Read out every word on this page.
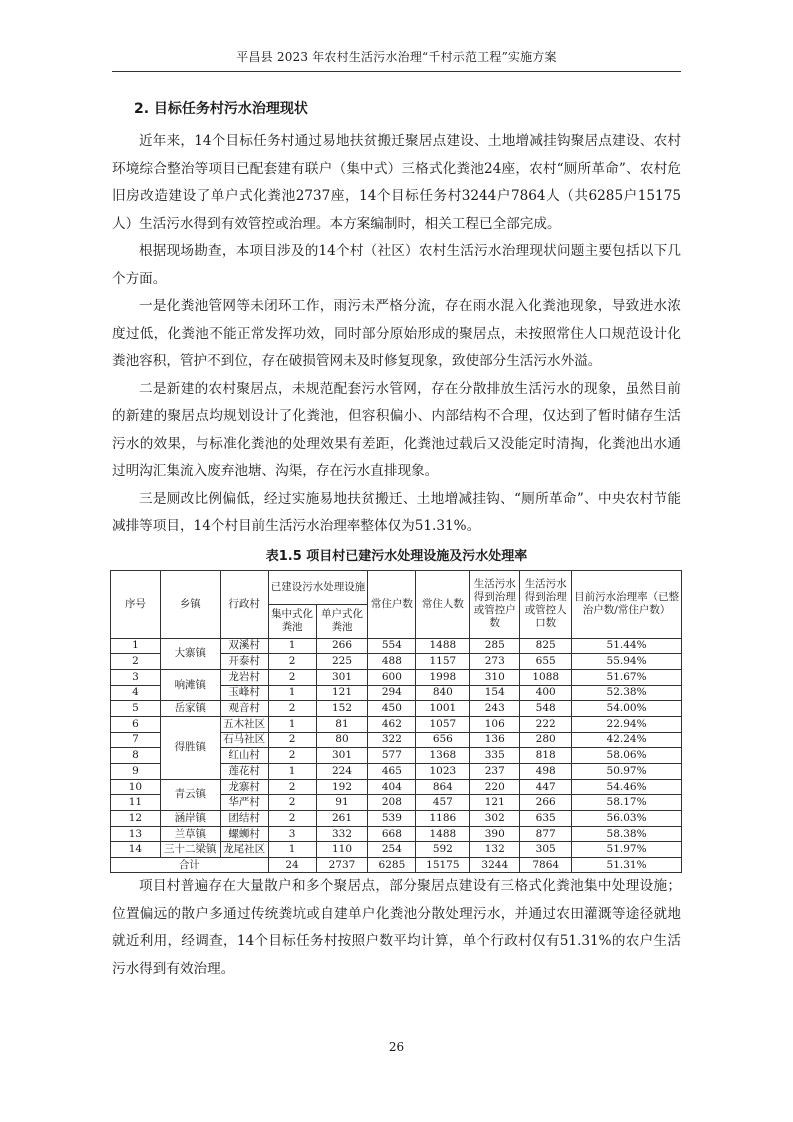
平昌县 2023 年农村生活污水治理“千村示范工程”实施方案
2. 目标任务村污水治理现状

近年来，14个目标任务村通过易地扶贫搬迁聚居点建设、土地增减挂钩聚居点建设、农村环境综合整治等项目已配套建有联户（集中式）三格式化粪池24座，农村“厕所革命”、农村危旧房改造建设了单户式化粪池2737座，14个目标任务村3244户7864人（共6285户15175人）生活污水得到有效管控或治理。本方案编制时，相关工程已全部完成。

根据现场勘查，本项目涉及的14个村（社区）农村生活污水治理现状问题主要包括以下几个方面。

一是化粪池管网等未闭环工作，雨污未严格分流，存在雨水混入化粪池现象，导致进水浓度过低，化粪池不能正常发挥功效，同时部分原始形成的聚居点，未按照常住人口规范设计化粪池容积，管护不到位，存在破损管网未及时修复现象，致使部分生活污水外溢。

二是新建的农村聚居点，未规范配套污水管网，存在分散排放生活污水的现象，虽然目前的新建的聚居点均规划设计了化粪池，但容积偏小、内部结构不合理，仅达到了暂时储存生活污水的效果，与标准化粪池的处理效果有差距，化粪池过载后又没能定时清掏，化粪池出水通过明沟汇集流入废弃池塘、沟渠，存在污水直排现象。

三是厕改比例偏低，经过实施易地扶贫搬迁、土地增减挂钩、“厕所革命”、中央农村节能减排等项目，14个村目前生活污水治理率整体仅为51.31%。

表1.5 项目村已建污水处理设施及污水处理率
序号	乡镇	行政村	已建设污水处理设施		常住户数	常住人数	生活污水得到治理或管控户数	生活污水得到治理或管控人口数	目前污水治理率（已整治户数/常住户数）
			集中式化粪池	单户式化粪池					
1	大寨镇	双溪村	1	266	554	1488	285	825	51.44%
2		开泰村	2	225	488	1157	273	655	55.94%
3	响滩镇	龙岩村	2	301	600	1998	310	1088	51.67%
4		玉峰村	1	121	294	840	154	400	52.38%
5	岳家镇	观音村	2	152	450	1001	243	548	54.00%
6	得胜镇	五木社区	1	81	462	1057	106	222	22.94%
7		石马社区	2	80	322	656	136	280	42.24%
8		红山村	2	301	577	1368	335	818	58.06%
9		莲花村	1	224	465	1023	237	498	50.97%
10	青云镇	龙寨村	2	192	404	864	220	447	54.46%
11		华严村	2	91	208	457	121	266	58.17%
12	涵岸镇	团结村	2	261	539	1186	302	635	56.03%
13	兰草镇	螺蛳村	3	332	668	1488	390	877	58.38%
14	三十二梁镇	龙尾社区	1	110	254	592	132	305	51.97%
合计			24	2737	6285	15175	3244	7864	51.31%

项目村普遍存在大量散户和多个聚居点，部分聚居点建设有三格式化粪池集中处理设施；位置偏远的散户多通过传统粪坑或自建单户化粪池分散处理污水，并通过农田灌溉等途径就地就近利用，经调查，14个目标任务村按照户数平均计算，单个行政村仅有51.31%的农户生活污水得到有效治理。

26
